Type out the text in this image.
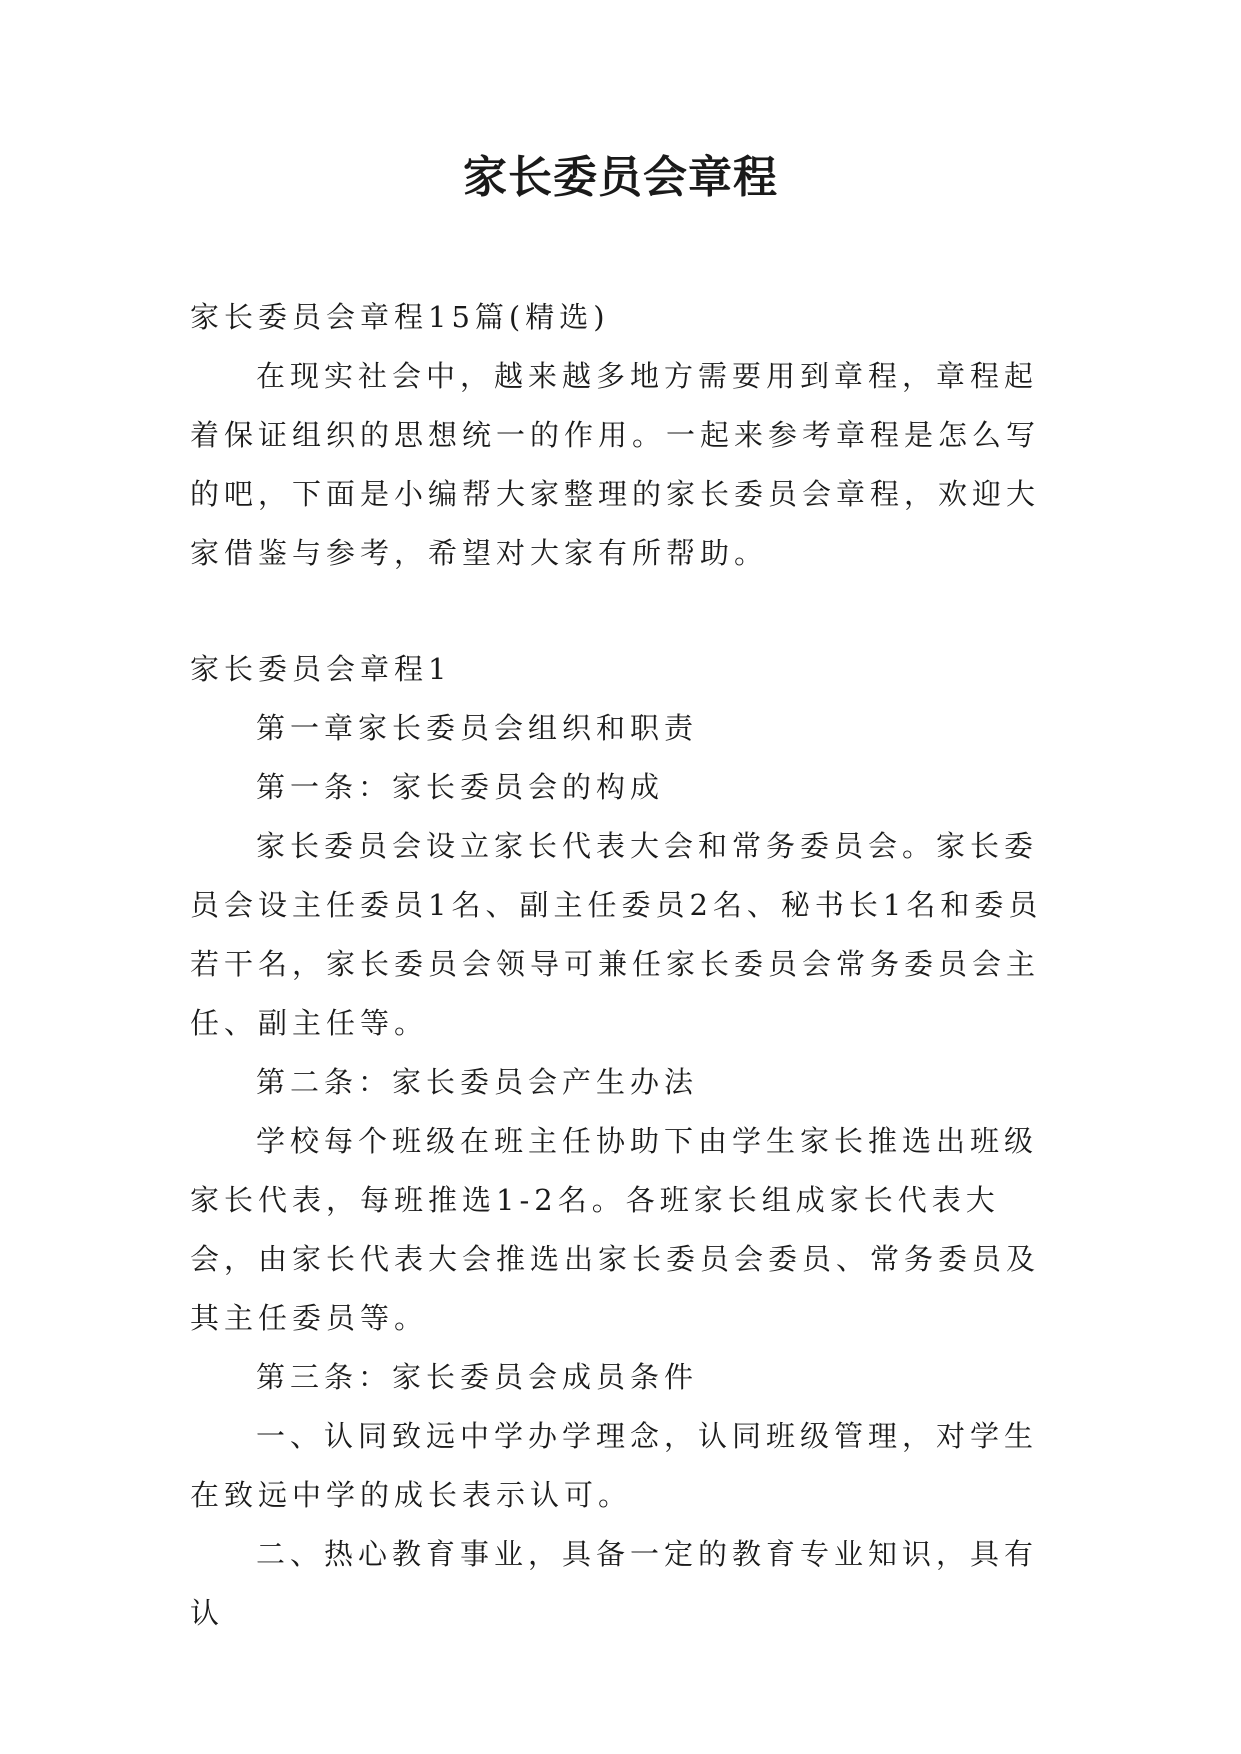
家长委员会章程

家长委员会章程15篇(精选)

在现实社会中，越来越多地方需要用到章程，章程起着保证组织的思想统一的作用。一起来参考章程是怎么写的吧，下面是小编帮大家整理的家长委员会章程，欢迎大家借鉴与参考，希望对大家有所帮助。

家长委员会章程1

第一章家长委员会组织和职责

第一条：家长委员会的构成

家长委员会设立家长代表大会和常务委员会。家长委员会设主任委员1名、副主任委员2名、秘书长1名和委员若干名，家长委员会领导可兼任家长委员会常务委员会主任、副主任等。

第二条：家长委员会产生办法

学校每个班级在班主任协助下由学生家长推选出班级家长代表，每班推选1-2名。各班家长组成家长代表大会，由家长代表大会推选出家长委员会委员、常务委员及其主任委员等。

第三条：家长委员会成员条件

一、认同致远中学办学理念，认同班级管理，对学生在致远中学的成长表示认可。

二、热心教育事业，具备一定的教育专业知识，具有认
